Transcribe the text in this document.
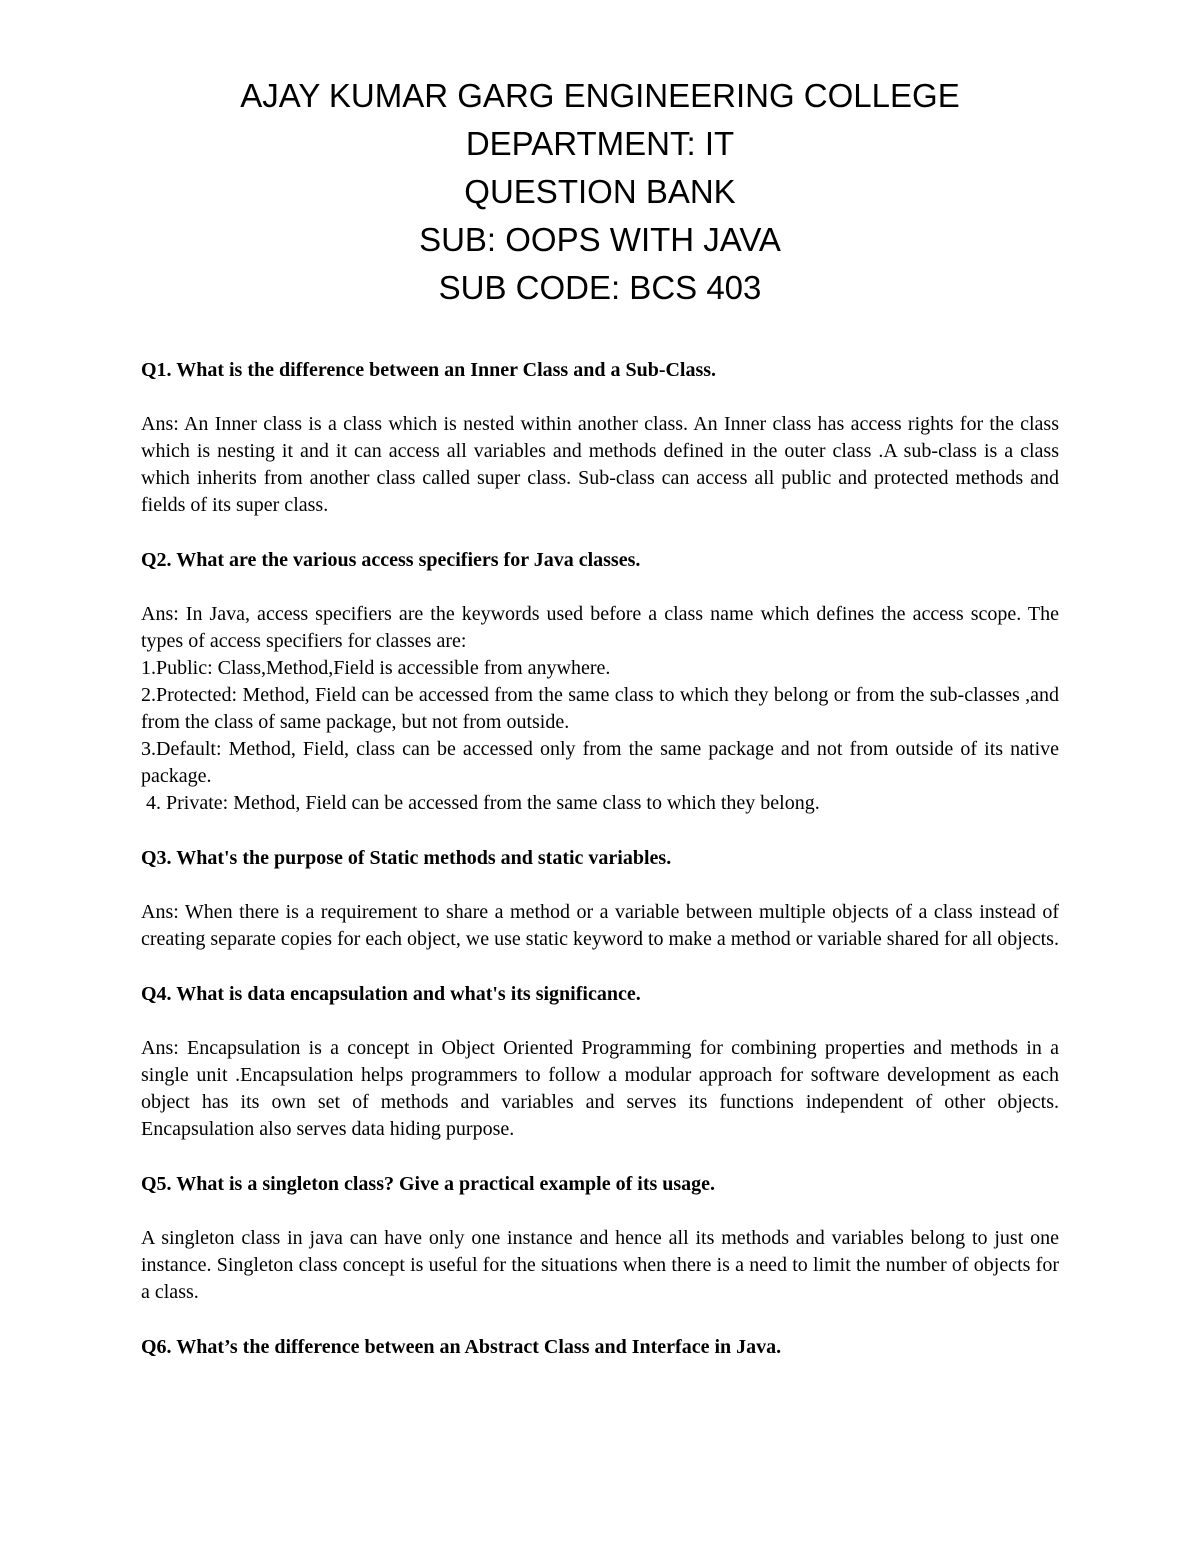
AJAY KUMAR GARG ENGINEERING COLLEGE
DEPARTMENT: IT
QUESTION BANK
SUB: OOPS WITH JAVA
SUB CODE: BCS 403
Q1. What is the difference between an Inner Class and a Sub-Class.
Ans: An Inner class is a class which is nested within another class. An Inner class has access rights for the class which is nesting it and it can access all variables and methods defined in the outer class .A sub-class is a class which inherits from another class called super class. Sub-class can access all public and protected methods and fields of its super class.
Q2. What are the various access specifiers for Java classes.
Ans: In Java, access specifiers are the keywords used before a class name which defines the access scope. The types of access specifiers for classes are:
1.Public: Class,Method,Field is accessible from anywhere.
2.Protected: Method, Field can be accessed from the same class to which they belong or from the sub-classes ,and from the class of same package, but not from outside.
3.Default: Method, Field, class can be accessed only from the same package and not from outside of its native package.
4. Private: Method, Field can be accessed from the same class to which they belong.
Q3. What's the purpose of Static methods and static variables.
Ans: When there is a requirement to share a method or a variable between multiple objects of a class instead of creating separate copies for each object, we use static keyword to make a method or variable shared for all objects.
Q4. What is data encapsulation and what's its significance.
Ans: Encapsulation is a concept in Object Oriented Programming for combining properties and methods in a single unit .Encapsulation helps programmers to follow a modular approach for software development as each object has its own set of methods and variables and serves its functions independent of other objects. Encapsulation also serves data hiding purpose.
Q5. What is a singleton class? Give a practical example of its usage.
A singleton class in java can have only one instance and hence all its methods and variables belong to just one instance. Singleton class concept is useful for the situations when there is a need to limit the number of objects for a class.
Q6. What’s the difference between an Abstract Class and Interface in Java.
